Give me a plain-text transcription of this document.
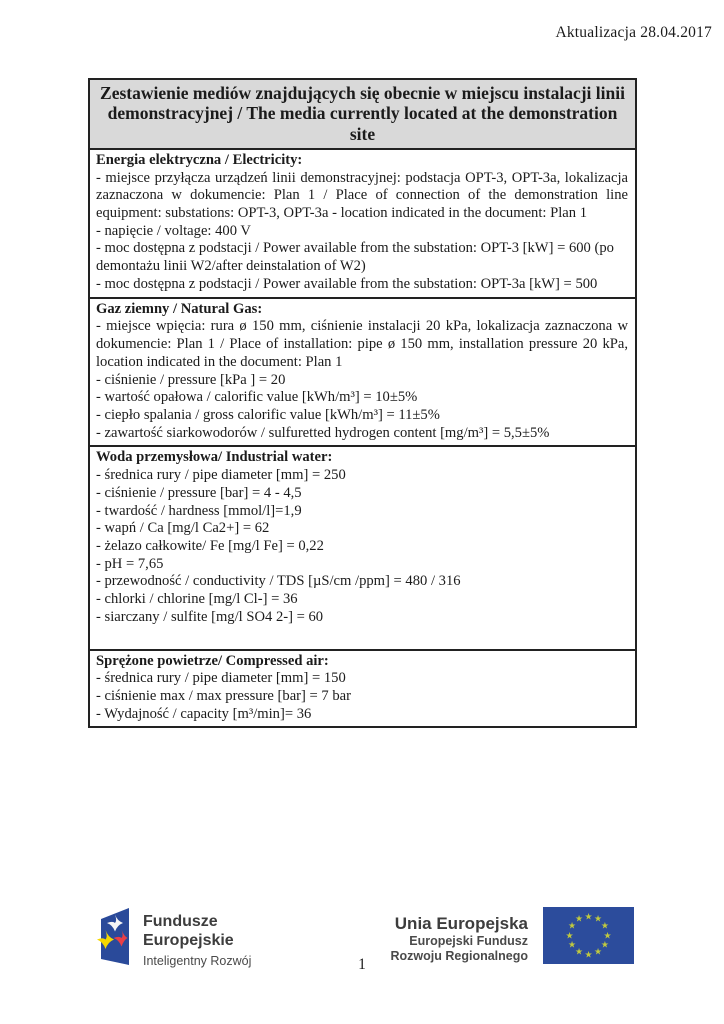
Aktualizacja 28.04.2017
Zestawienie mediów znajdujących się obecnie w miejscu instalacji linii
demonstracyjnej / The media currently located at the demonstration site
Energia elektryczna / Electricity:
- miejsce przyłącza urządzeń linii demonstracyjnej: podstacja OPT-3, OPT-3a, lokalizacja zaznaczona w dokumencie: Plan 1 / Place of connection of the demonstration line equipment: substations: OPT-3, OPT-3a - location indicated in the document: Plan 1
- napięcie / voltage: 400 V
- moc dostępna z podstacji / Power available from the substation: OPT-3 [kW] = 600 (po demontażu linii W2/after deinstalation of W2)
- moc dostępna z podstacji / Power available from the substation: OPT-3a [kW] = 500
Gaz ziemny / Natural Gas:
- miejsce wpięcia: rura ø 150 mm, ciśnienie instalacji 20 kPa, lokalizacja zaznaczona w dokumencie: Plan 1 / Place of installation: pipe ø 150 mm, installation pressure 20 kPa, location indicated in the document: Plan 1
- ciśnienie / pressure [kPa ] = 20
- wartość opałowa / calorific value [kWh/m³] = 10±5%
- ciepło spalania / gross calorific value [kWh/m³] = 11±5%
- zawartość siarkowodorów / sulfuretted hydrogen content [mg/m³] = 5,5±5%
Woda przemysłowa/ Industrial water:
- średnica rury / pipe diameter [mm] = 250
- ciśnienie / pressure [bar] = 4 - 4,5
- twardość / hardness [mmol/l]=1,9
- wapń / Ca [mg/l Ca2+] = 62
- żelazo całkowite/ Fe [mg/l Fe] = 0,22
- pH = 7,65
- przewodność / conductivity / TDS [µS/cm /ppm] = 480 / 316
- chlorki / chlorine [mg/l Cl-] = 36
- siarczany / sulfite [mg/l SO4 2-] = 60
Sprężone powietrze/ Compressed air:
- średnica rury / pipe diameter [mm] = 150
- ciśnienie max / max pressure [bar] = 7 bar
- Wydajność / capacity [m³/min]= 36
Fundusze
Europejskie
Inteligentny Rozwój
Unia Europejska
Europejski Fundusz
Rozwoju Regionalnego
★ ★
★
★
★
★
★
★
★
★
★
★
1
